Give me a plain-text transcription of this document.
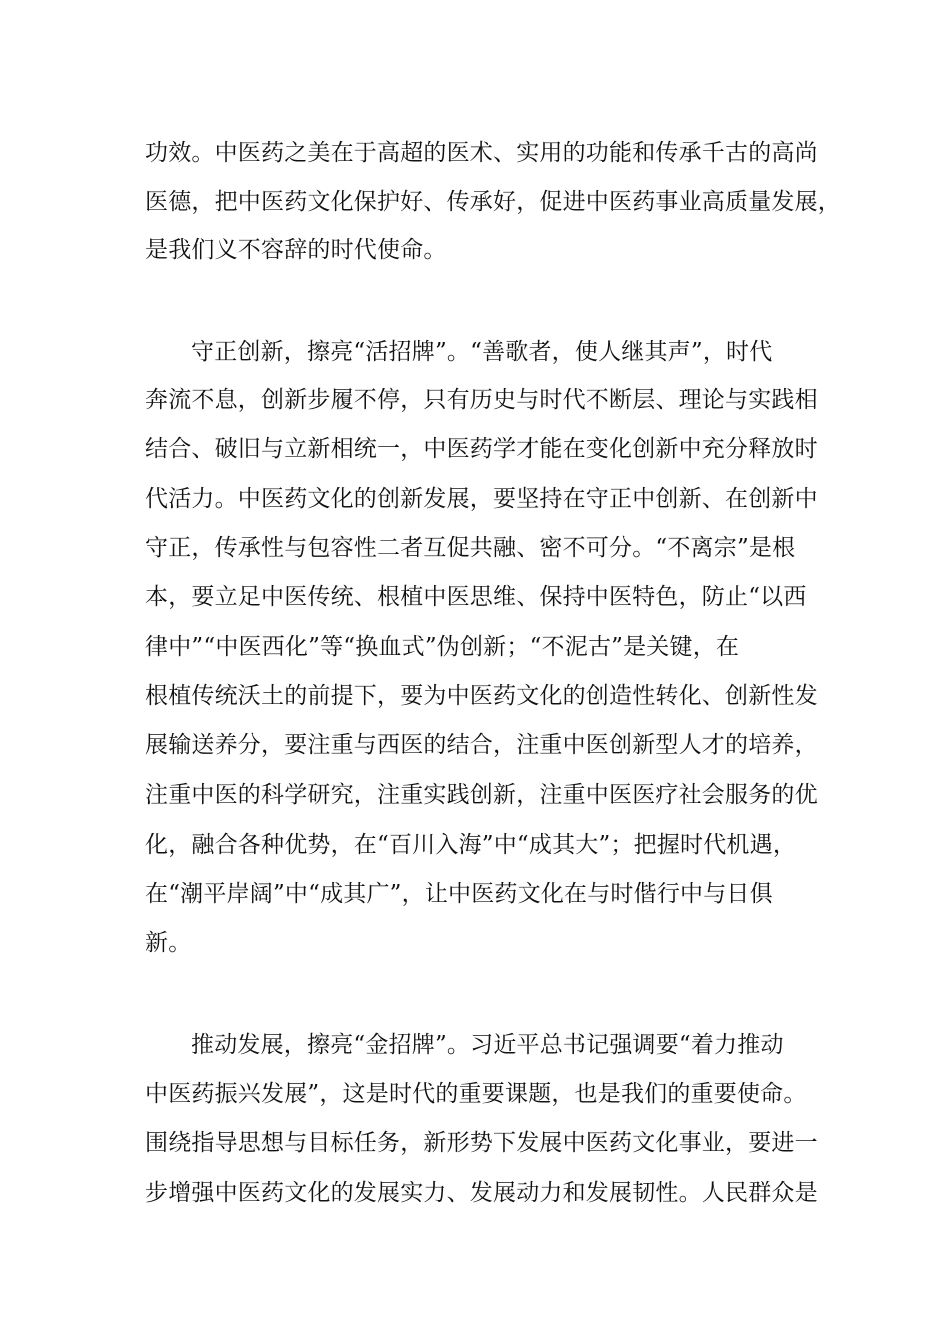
功效。中医药之美在于高超的医术、实用的功能和传承千古的高尚

医德，把中医药文化保护好、传承好，促进中医药事业高质量发展，

是我们义不容辞的时代使命。

守正创新，擦亮“活招牌”。“善歌者，使人继其声”，时代

奔流不息，创新步履不停，只有历史与时代不断层、理论与实践相

结合、破旧与立新相统一，中医药学才能在变化创新中充分释放时

代活力。中医药文化的创新发展，要坚持在守正中创新、在创新中

守正，传承性与包容性二者互促共融、密不可分。“不离宗”是根

本，要立足中医传统、根植中医思维、保持中医特色，防止“以西

律中”“中医西化”等“换血式”伪创新；“不泥古”是关键，在

根植传统沃土的前提下，要为中医药文化的创造性转化、创新性发

展输送养分，要注重与西医的结合，注重中医创新型人才的培养，

注重中医的科学研究，注重实践创新，注重中医医疗社会服务的优

化，融合各种优势，在“百川入海”中“成其大”；把握时代机遇，

在“潮平岸阔”中“成其广”，让中医药文化在与时偕行中与日俱

新。

推动发展，擦亮“金招牌”。习近平总书记强调要“着力推动

中医药振兴发展”，这是时代的重要课题，也是我们的重要使命。

围绕指导思想与目标任务，新形势下发展中医药文化事业，要进一

步增强中医药文化的发展实力、发展动力和发展韧性。人民群众是
